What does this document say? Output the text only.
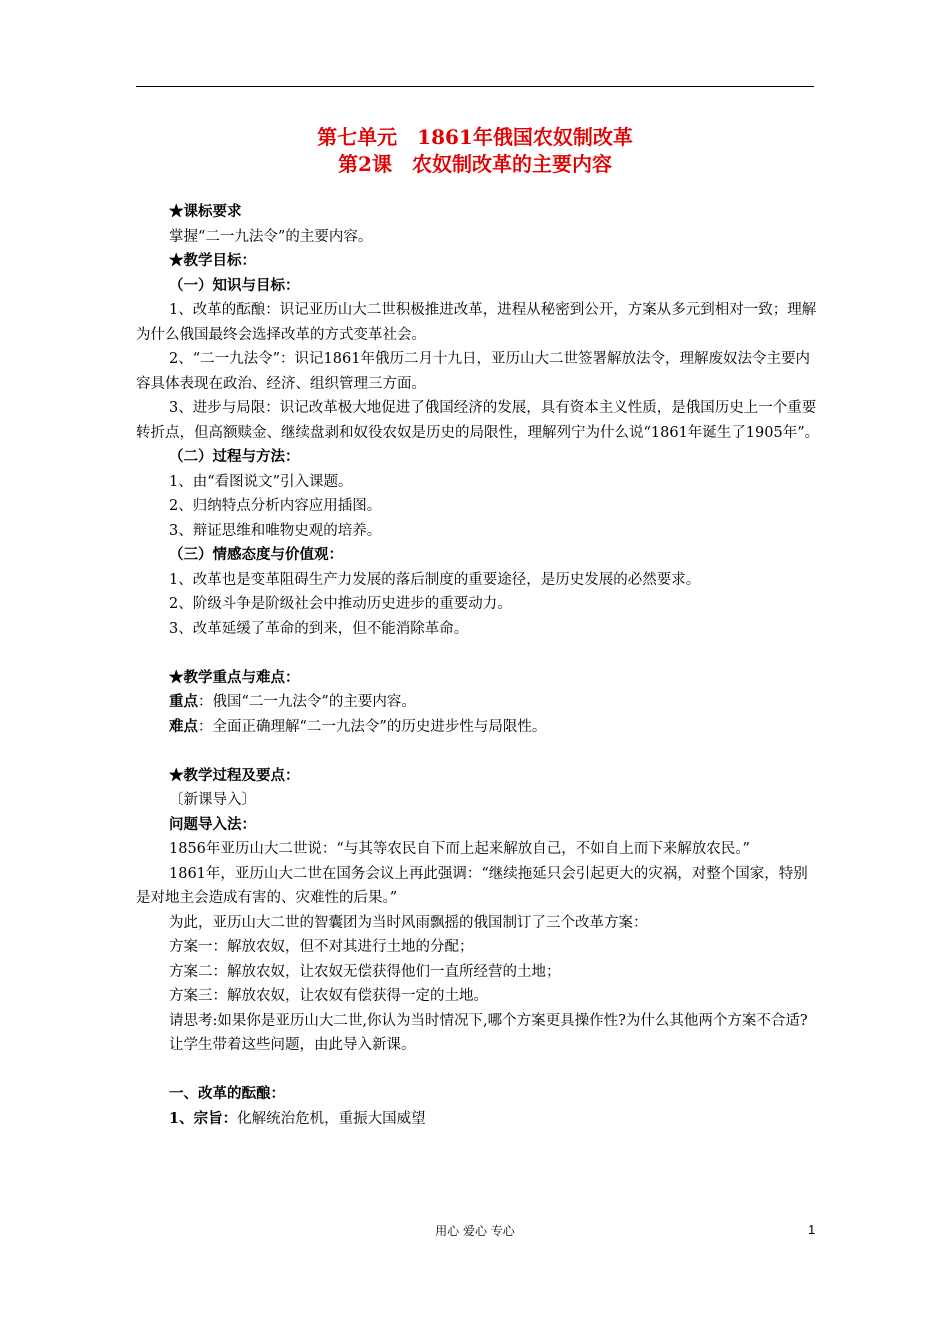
第七单元　1861年俄国农奴制改革
第2课　农奴制改革的主要内容

★课标要求

掌握“二一九法令”的主要内容。

★教学目标：

（一）知识与目标：

1、改革的酝酿：识记亚历山大二世积极推进改革，进程从秘密到公开，方案从多元到相对一致；理解为什么俄国最终会选择改革的方式变革社会。

2、“二一九法令”：识记1861年俄历二月十九日，亚历山大二世签署解放法令，理解废奴法令主要内容具体表现在政治、经济、组织管理三方面。

3、进步与局限：识记改革极大地促进了俄国经济的发展，具有资本主义性质，是俄国历史上一个重要转折点，但高额赎金、继续盘剥和奴役农奴是历史的局限性，理解列宁为什么说“1861年诞生了1905年”。

（二）过程与方法：

1、由“看图说文”引入课题。

2、归纳特点分析内容应用插图。

3、辩证思维和唯物史观的培养。

（三）情感态度与价值观：

1、改革也是变革阻碍生产力发展的落后制度的重要途径，是历史发展的必然要求。

2、阶级斗争是阶级社会中推动历史进步的重要动力。

3、改革延缓了革命的到来，但不能消除革命。

★教学重点与难点：

重点：俄国“二一九法令”的主要内容。

难点：全面正确理解“二一九法令”的历史进步性与局限性。

★教学过程及要点：

〔新课导入〕

问题导入法：

1856年亚历山大二世说：“与其等农民自下而上起来解放自己，不如自上而下来解放农民。”

1861年，亚历山大二世在国务会议上再此强调：“继续拖延只会引起更大的灾祸，对整个国家，特别是对地主会造成有害的、灾难性的后果。”

为此，亚历山大二世的智囊团为当时风雨飘摇的俄国制订了三个改革方案：

方案一：解放农奴，但不对其进行土地的分配；

方案二：解放农奴，让农奴无偿获得他们一直所经营的土地；

方案三：解放农奴，让农奴有偿获得一定的土地。

请思考:如果你是亚历山大二世,你认为当时情况下,哪个方案更具操作性?为什么其他两个方案不合适?

让学生带着这些问题，由此导入新课。

一、改革的酝酿：

1、宗旨：化解统治危机，重振大国威望

用心 爱心 专心	1
